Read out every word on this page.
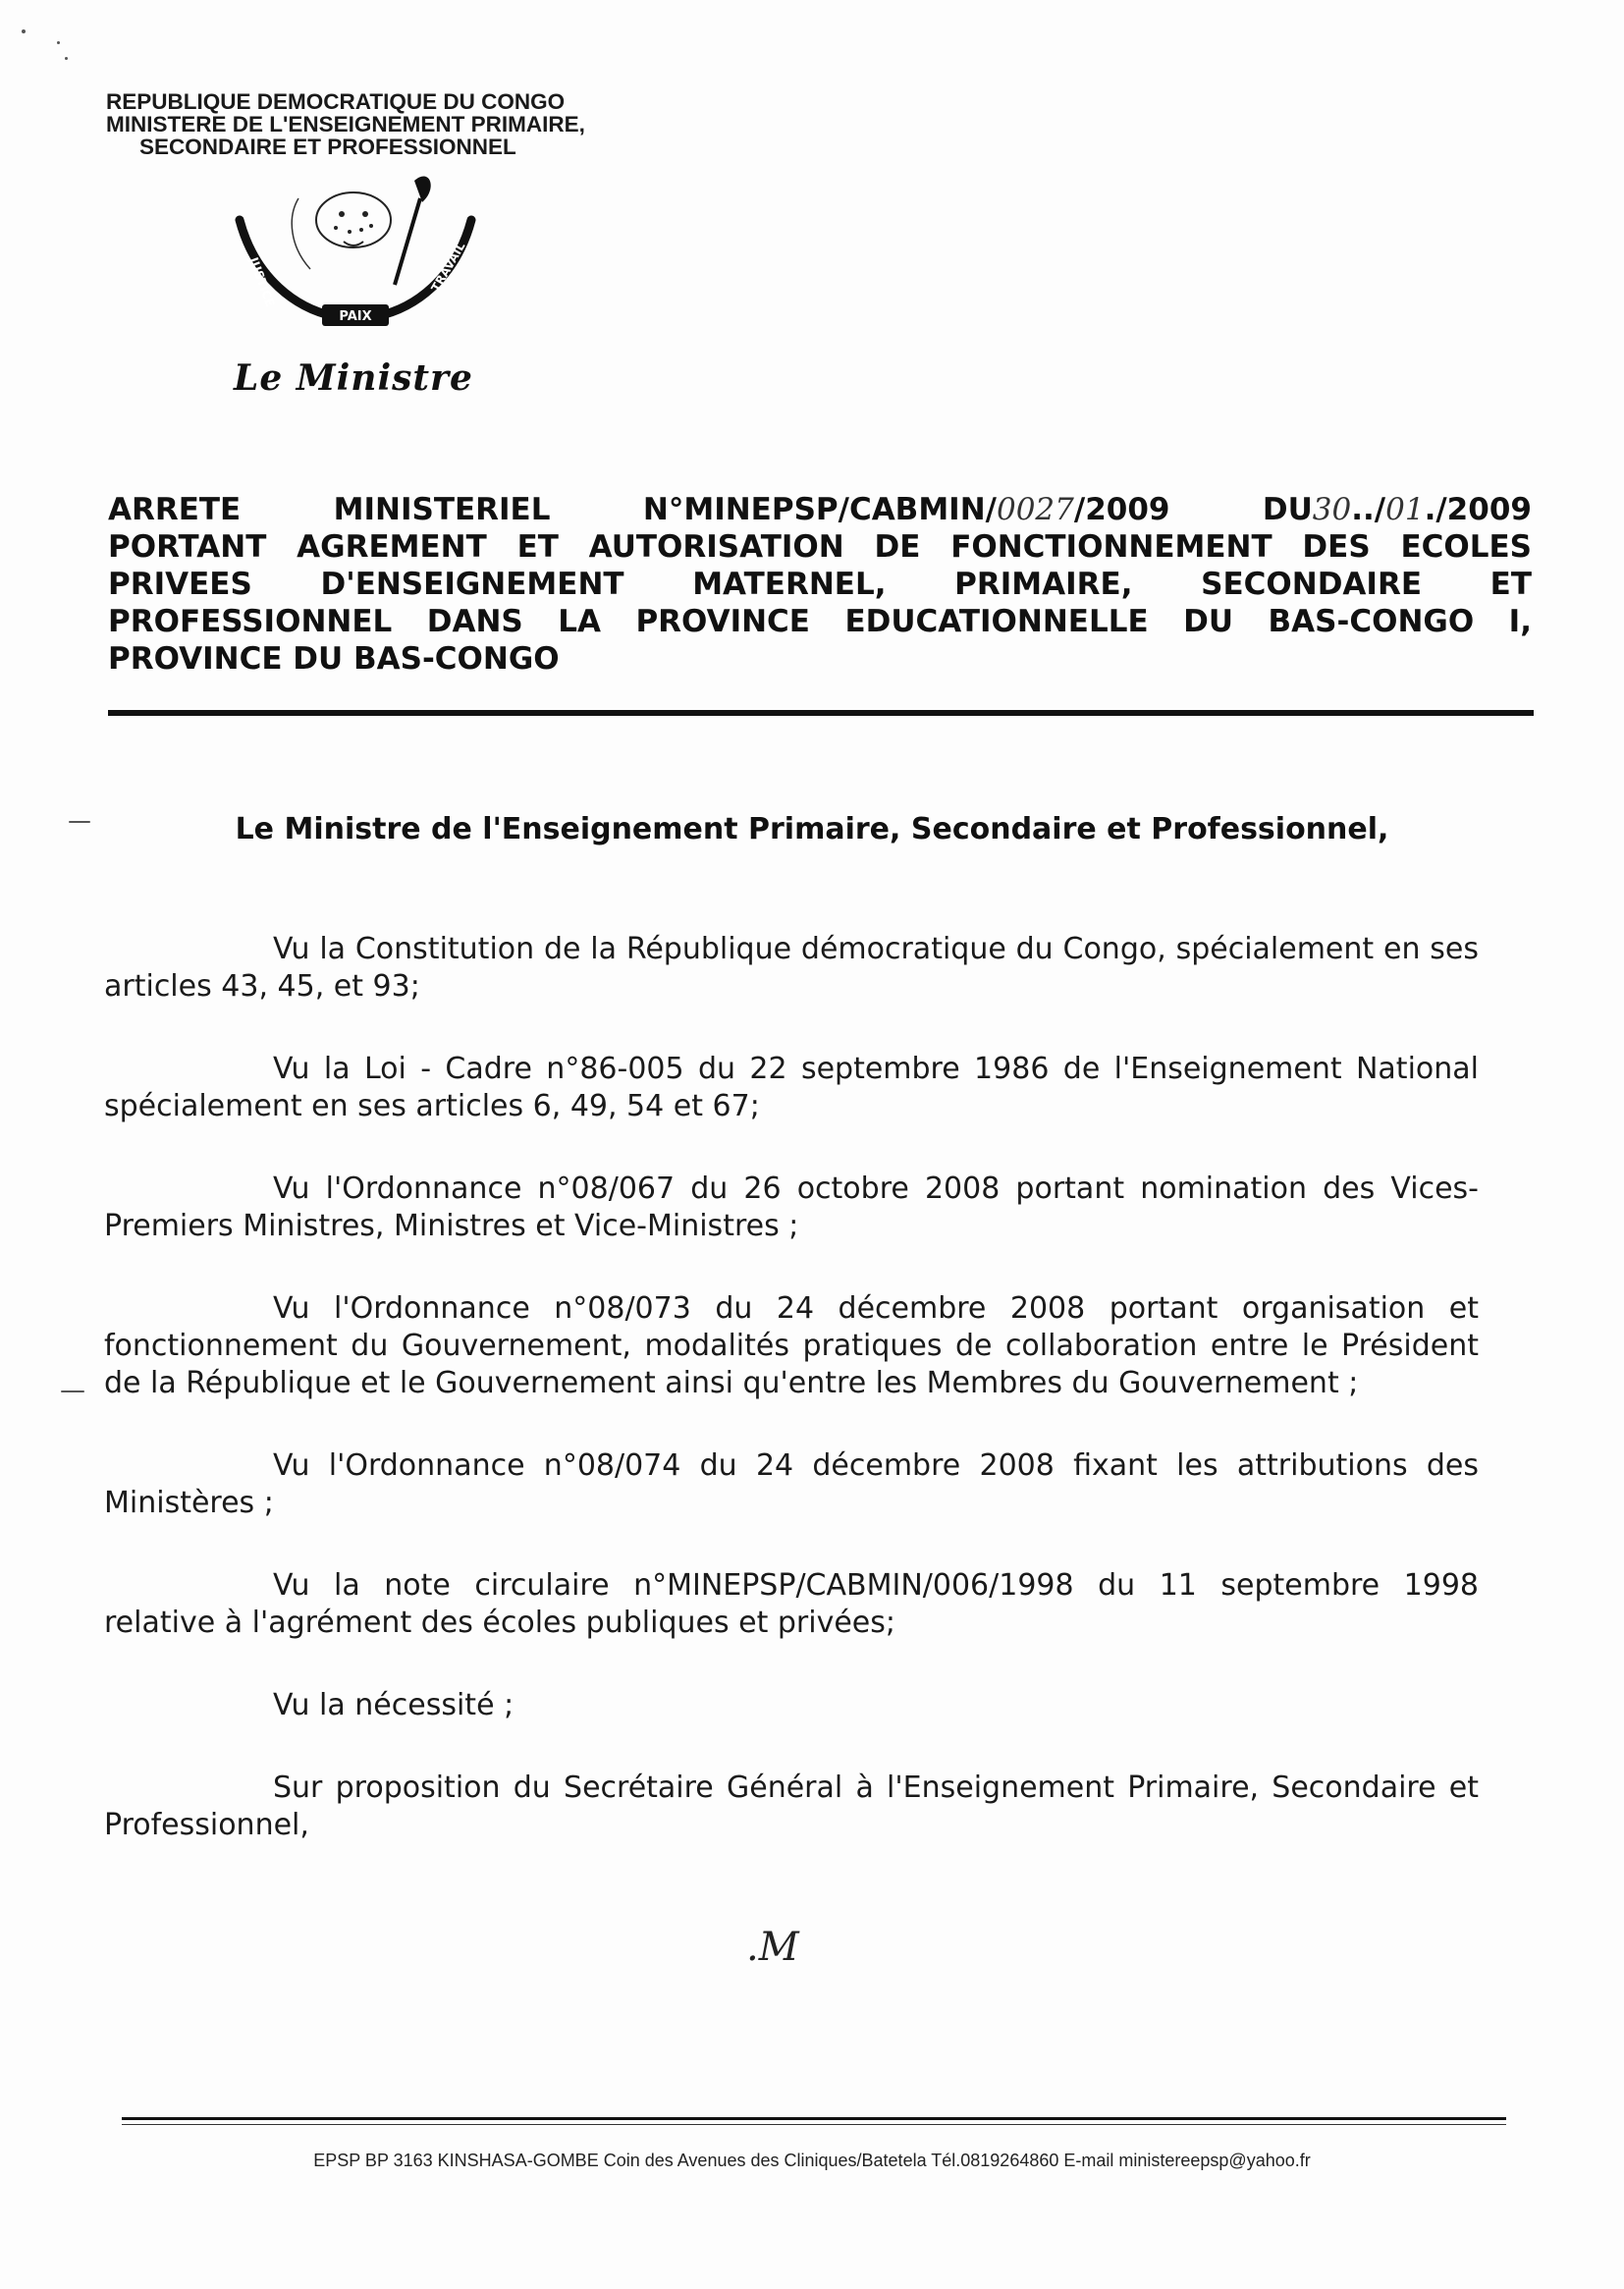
REPUBLIQUE DEMOCRATIQUE DU CONGO
MINISTERE DE L'ENSEIGNEMENT PRIMAIRE,
SECONDAIRE ET PROFESSIONNEL
PAIX
JUSTICE	TRAVAIL
Le Ministre
ARRETE	MINISTERIEL	N°MINEPSP/CABMIN/0027/2009	DU30../01./2009
PORTANT AGREMENT ET AUTORISATION DE FONCTIONNEMENT DES ECOLES
PRIVEES D'ENSEIGNEMENT MATERNEL, PRIMAIRE, SECONDAIRE ET
PROFESSIONNEL DANS LA PROVINCE EDUCATIONNELLE DU BAS-CONGO I,
PROVINCE DU BAS-CONGO
Le Ministre de l'Enseignement Primaire, Secondaire et Professionnel,

Vu la Constitution de la République démocratique du Congo, spécialement en ses articles 43, 45, et 93;

Vu la Loi - Cadre n°86-005 du 22 septembre 1986 de l'Enseignement National spécialement en ses articles 6, 49, 54 et 67;

Vu l'Ordonnance n°08/067 du 26 octobre 2008 portant nomination des Vices-Premiers Ministres, Ministres et Vice-Ministres ;

Vu l'Ordonnance n°08/073 du 24 décembre 2008 portant organisation et fonctionnement du Gouvernement, modalités pratiques de collaboration entre le Président de la République et le Gouvernement ainsi qu'entre les Membres du Gouvernement ;

Vu l'Ordonnance n°08/074 du 24 décembre 2008 fixant les attributions des Ministères ;

Vu la note circulaire n°MINEPSP/CABMIN/006/1998 du 11 septembre 1998 relative à l'agrément des écoles publiques et privées;

Vu la nécessité ;

Sur proposition du Secrétaire Général à l'Enseignement Primaire, Secondaire et Professionnel,

.M
EPSP BP 3163 KINSHASA-GOMBE Coin des Avenues des Cliniques/Batetela Tél.0819264860 E-mail ministereepsp@yahoo.fr
